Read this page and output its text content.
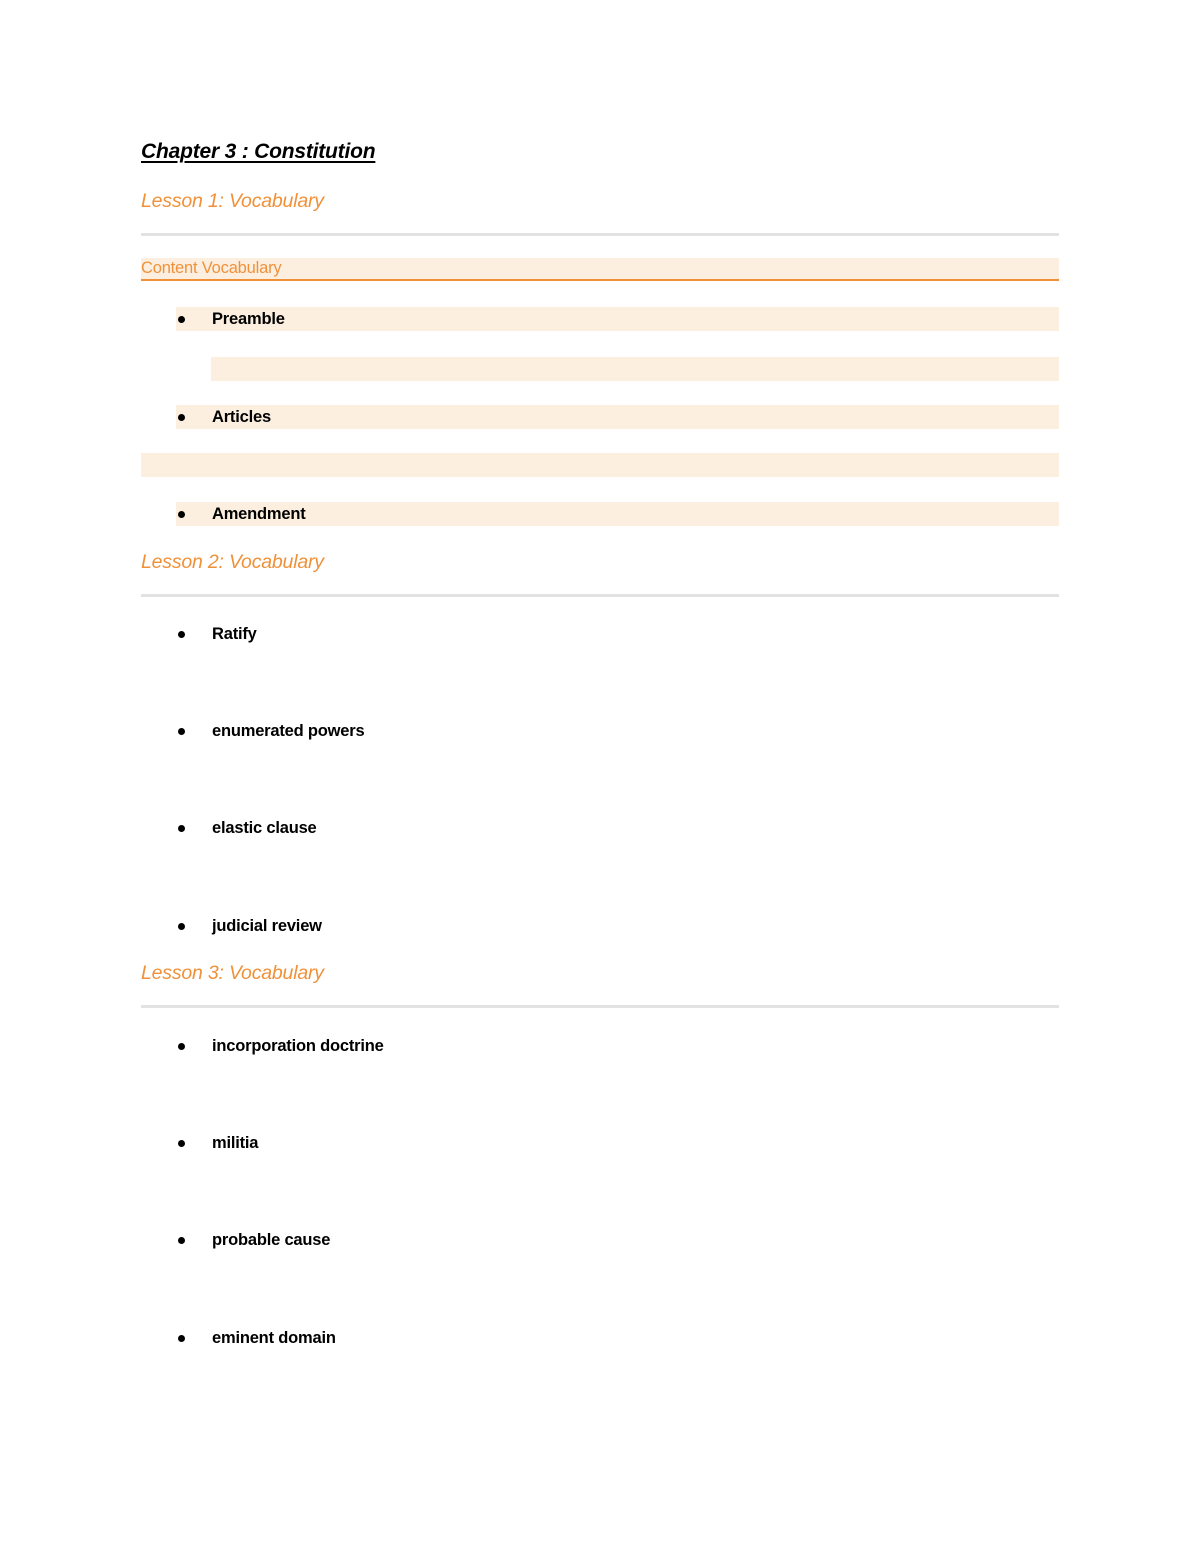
Chapter 3 : Constitution
Lesson 1: Vocabulary
Content Vocabulary
Preamble
Articles
Amendment
Lesson 2: Vocabulary
Ratify
enumerated powers
elastic clause
judicial review
Lesson 3: Vocabulary
incorporation doctrine
militia
probable cause
eminent domain
